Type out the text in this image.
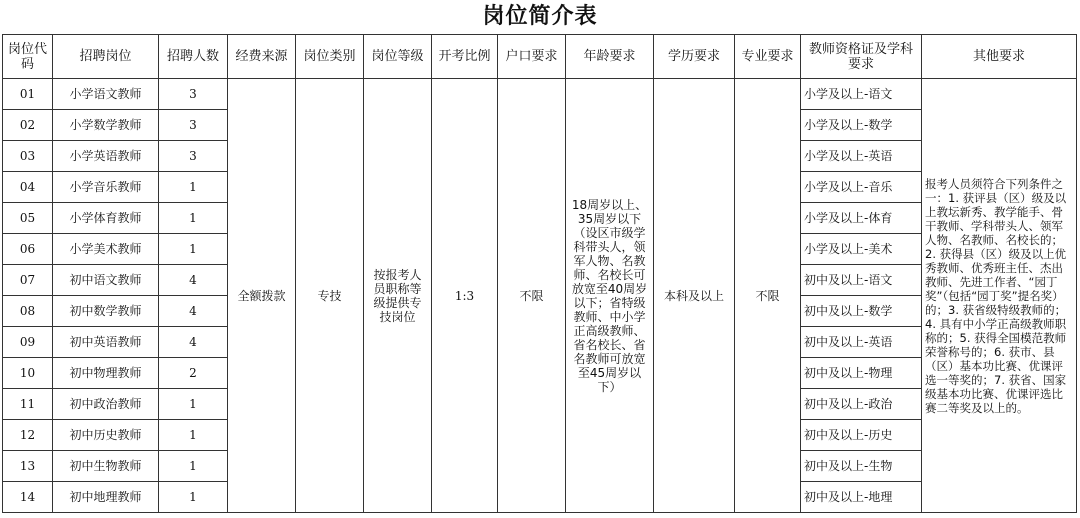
岗位简介表
岗位代码	招聘岗位	招聘人数	经费来源	岗位类别	岗位等级	开考比例	户口要求	年龄要求	学历要求	专业要求	教师资格证及学科要求	其他要求
01	小学语文教师	3	全额拨款	专技	按报考人员职称等级提供专技岗位	1:3	不限	18周岁以上、35周岁以下（设区市级学科带头人，领军人物、名教师、名校长可放宽至40周岁以下；省特级教师、中小学正高级教师、省名校长、省名教师可放宽至45周岁以下）	本科及以上	不限	小学及以上-语文	报考人员须符合下列条件之一：1. 获评县（区）级及以上教坛新秀、教学能手、骨干教师、学科带头人、领军人物、名教师、名校长的；2. 获得县（区）级及以上优秀教师、优秀班主任、杰出教师、先进工作者、“园丁奖”（包括“园丁奖”提名奖）的；3. 获省级特级教师的；4. 具有中小学正高级教师职称的；5. 获得全国模范教师荣誉称号的；6. 获市、县（区）基本功比赛、优课评选一等奖的；7. 获省、国家级基本功比赛、优课评选比赛二等奖及以上的。
02	小学数学教师	3									小学及以上-数学	
03	小学英语教师	3									小学及以上-英语	
04	小学音乐教师	1									小学及以上-音乐	
05	小学体育教师	1									小学及以上-体育	
06	小学美术教师	1									小学及以上-美术	
07	初中语文教师	4									初中及以上-语文	
08	初中数学教师	4									初中及以上-数学	
09	初中英语教师	4									初中及以上-英语	
10	初中物理教师	2									初中及以上-物理	
11	初中政治教师	1									初中及以上-政治	
12	初中历史教师	1									初中及以上-历史	
13	初中生物教师	1									初中及以上-生物	
14	初中地理教师	1									初中及以上-地理	
